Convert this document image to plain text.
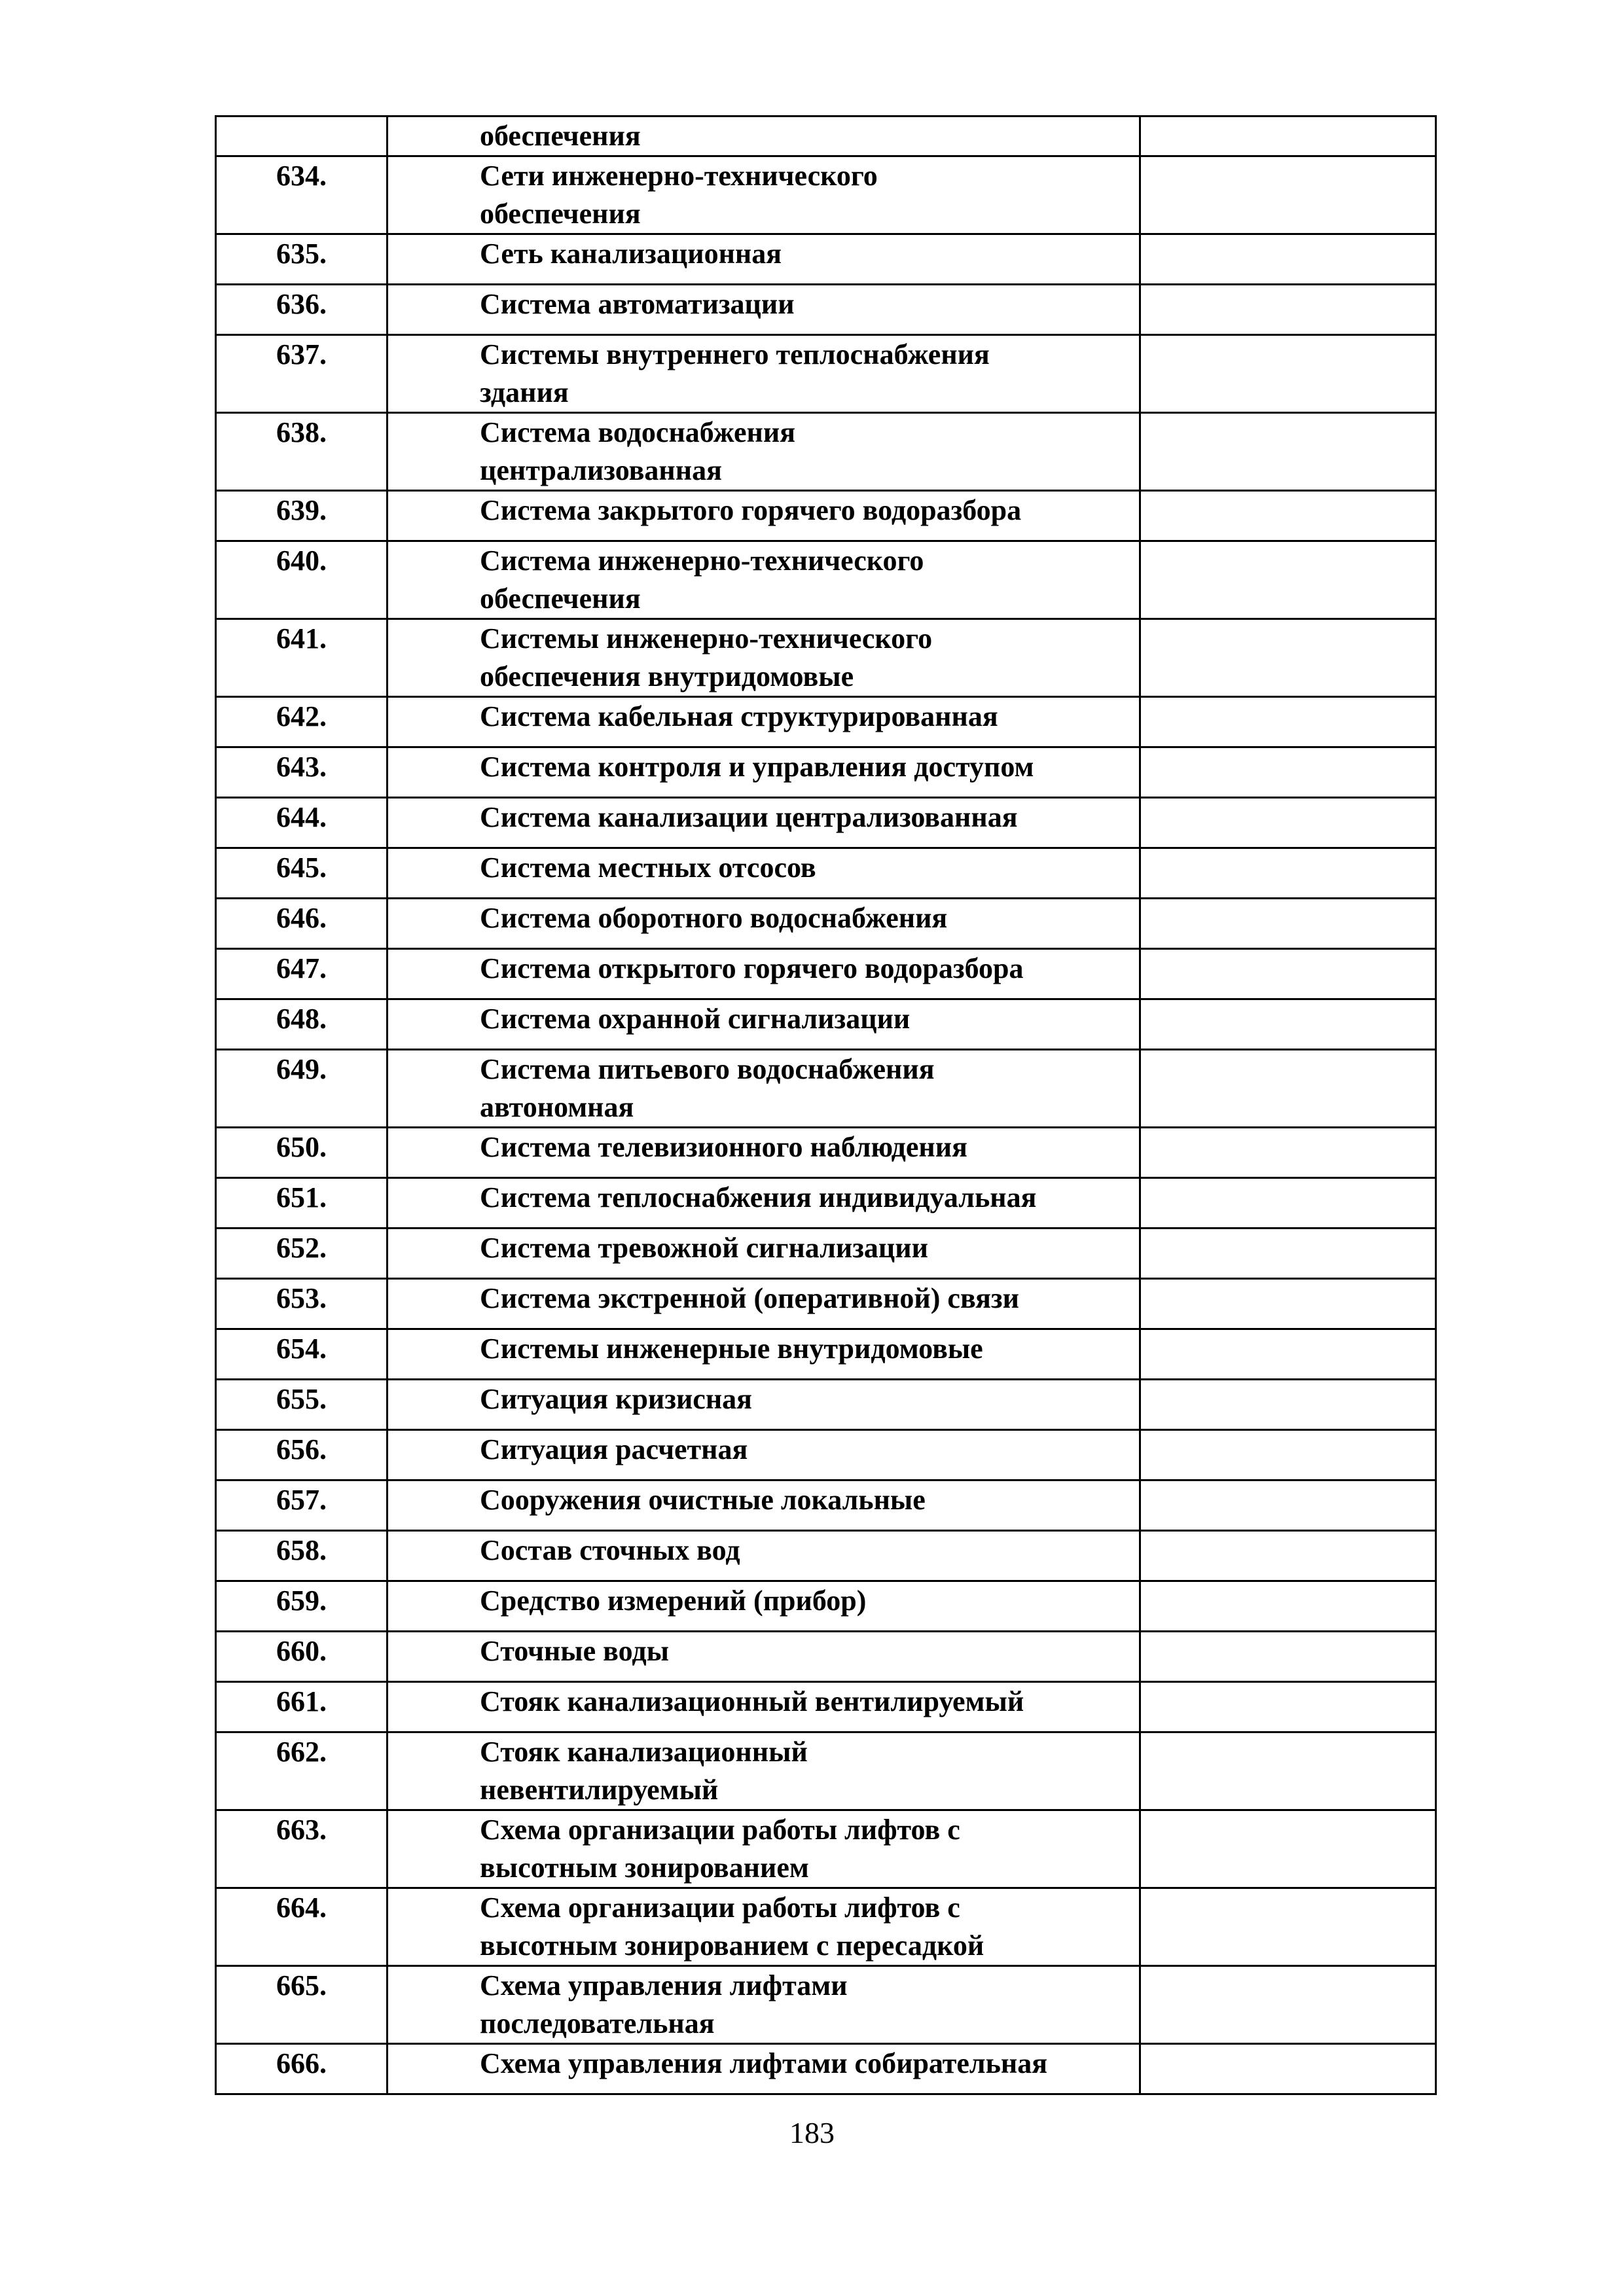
	обеспечения	
634.	Сети инженерно-технического
обеспечения	
635.	Сеть канализационная	
636.	Система автоматизации	
637.	Системы внутреннего теплоснабжения
здания	
638.	Система водоснабжения
централизованная	
639.	Система закрытого горячего водоразбора	
640.	Система инженерно-технического
обеспечения	
641.	Системы инженерно-технического
обеспечения внутридомовые	
642.	Система кабельная структурированная	
643.	Система контроля и управления доступом	
644.	Система канализации централизованная	
645.	Система местных отсосов	
646.	Система оборотного водоснабжения	
647.	Система открытого горячего водоразбора	
648.	Система охранной сигнализации	
649.	Система питьевого водоснабжения
автономная	
650.	Система телевизионного наблюдения	
651.	Система теплоснабжения индивидуальная	
652.	Система тревожной сигнализации	
653.	Система экстренной (оперативной) связи	
654.	Системы инженерные внутридомовые	
655.	Ситуация кризисная	
656.	Ситуация расчетная	
657.	Сооружения очистные локальные	
658.	Состав сточных вод	
659.	Средство измерений (прибор)	
660.	Сточные воды	
661.	Стояк канализационный вентилируемый	
662.	Стояк канализационный
невентилируемый	
663.	Схема организации работы лифтов с
высотным зонированием	
664.	Схема организации работы лифтов с
высотным зонированием с пересадкой	
665.	Схема управления лифтами
последовательная	
666.	Схема управления лифтами собирательная	
183
